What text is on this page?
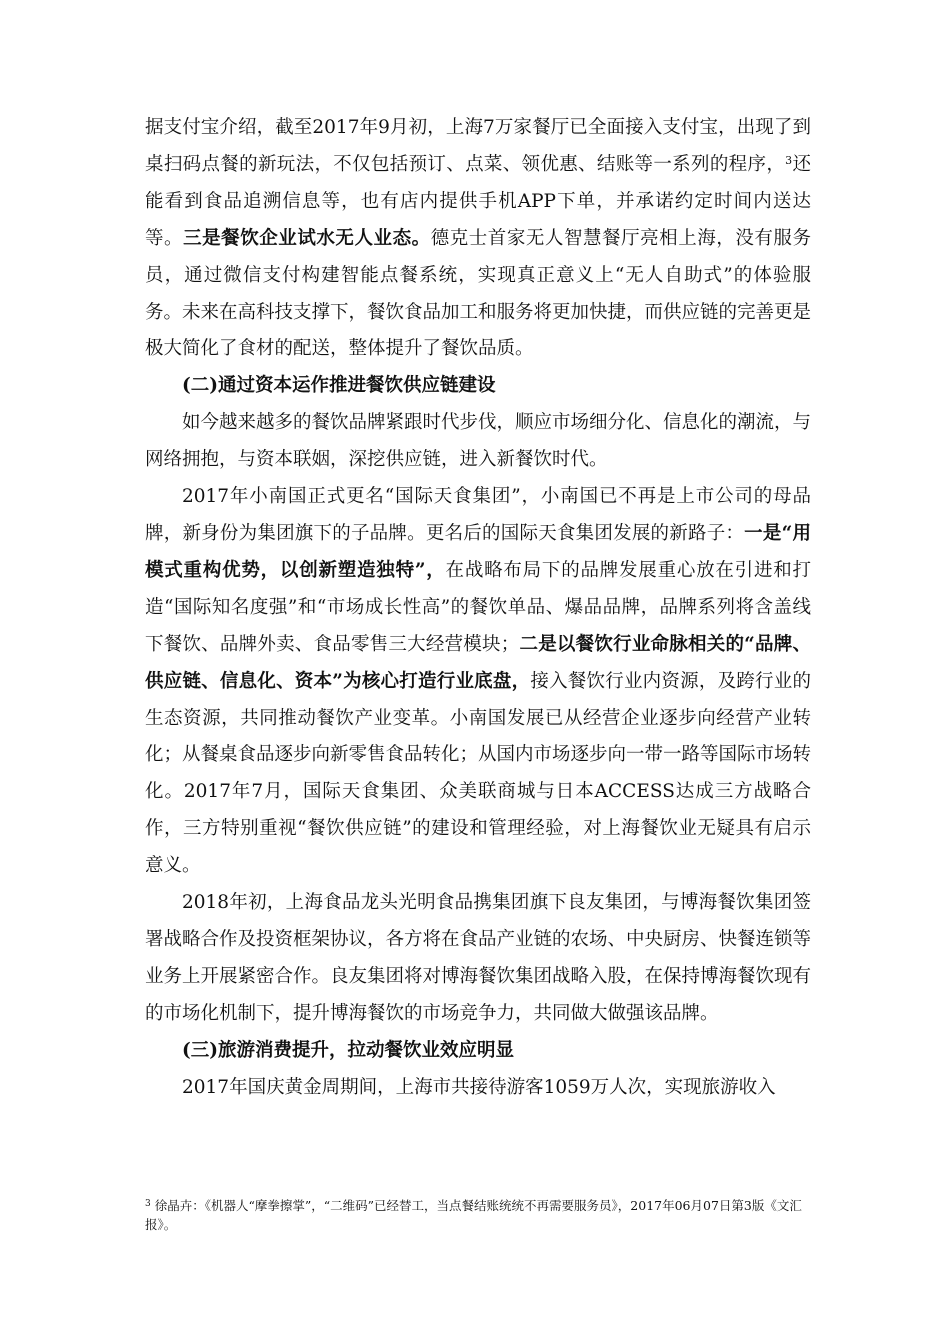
据支付宝介绍，截至2017年9月初，上海7万家餐厅已全面接入支付宝，出现了到桌扫码点餐的新玩法，不仅包括预订、点菜、领优惠、结账等一系列的程序，$^3$还能看到食品追溯信息等，也有店内提供手机APP下单，并承诺约定时间内送达等。三是餐饮企业试水无人业态。德克士首家无人智慧餐厅亮相上海，没有服务员，通过微信支付构建智能点餐系统，实现真正意义上“无人自助式”的体验服务。未来在高科技支撑下，餐饮食品加工和服务将更加快捷，而供应链的完善更是极大简化了食材的配送，整体提升了餐饮品质。

(二)通过资本运作推进餐饮供应链建设

如今越来越多的餐饮品牌紧跟时代步伐，顺应市场细分化、信息化的潮流，与网络拥抱，与资本联姻，深挖供应链，进入新餐饮时代。

2017年小南国正式更名“国际天食集团”，小南国已不再是上市公司的母品牌，新身份为集团旗下的子品牌。更名后的国际天食集团发展的新路子：一是“用模式重构优势，以创新塑造独特”，在战略布局下的品牌发展重心放在引进和打造“国际知名度强”和“市场成长性高”的餐饮单品、爆品品牌，品牌系列将含盖线下餐饮、品牌外卖、食品零售三大经营模块；二是以餐饮行业命脉相关的“品牌、供应链、信息化、资本”为核心打造行业底盘，接入餐饮行业内资源，及跨行业的生态资源，共同推动餐饮产业变革。小南国发展已从经营企业逐步向经营产业转化；从餐桌食品逐步向新零售食品转化；从国内市场逐步向一带一路等国际市场转化。2017年7月，国际天食集团、众美联商城与日本ACCESS达成三方战略合作，三方特别重视“餐饮供应链”的建设和管理经验，对上海餐饮业无疑具有启示意义。

2018年初，上海食品龙头光明食品携集团旗下良友集团，与博海餐饮集团签署战略合作及投资框架协议，各方将在食品产业链的农场、中央厨房、快餐连锁等业务上开展紧密合作。良友集团将对博海餐饮集团战略入股，在保持博海餐饮现有的市场化机制下，提升博海餐饮的市场竞争力，共同做大做强该品牌。

(三)旅游消费提升，拉动餐饮业效应明显

2017年国庆黄金周期间，上海市共接待游客1059万人次，实现旅游收入

$^3$ 徐晶卉：《机器人“摩拳擦掌”，“二维码”已经替工，当点餐结账统统不再需要服务员》，2017年06月07日第3版《文汇报》。
